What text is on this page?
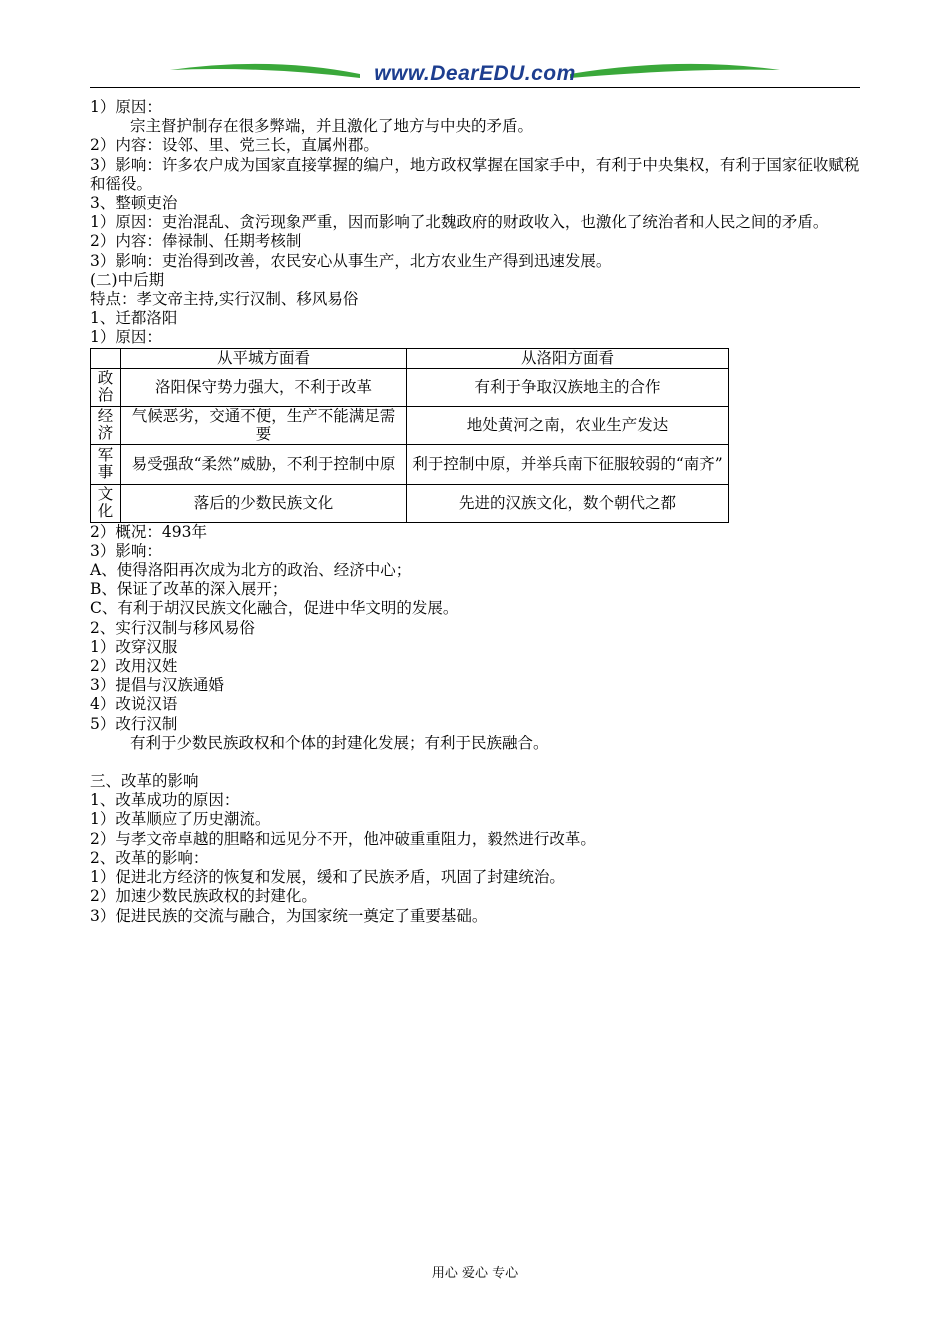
www.DearEDU.com
1）原因：
宗主督护制存在很多弊端，并且激化了地方与中央的矛盾。
2）内容：设邻、里、党三长，直属州郡。
3）影响：许多农户成为国家直接掌握的编户，地方政权掌握在国家手中，有利于中央集权，有利于国家征收赋税和徭役。
3、整顿吏治
1）原因：吏治混乱、贪污现象严重，因而影响了北魏政府的财政收入，也激化了统治者和人民之间的矛盾。
2）内容：俸禄制、任期考核制
3）影响：吏治得到改善，农民安心从事生产，北方农业生产得到迅速发展。
(二)中后期
特点：孝文帝主持,实行汉制、移风易俗
1、迁都洛阳
1）原因：
	从平城方面看	从洛阳方面看
政治	洛阳保守势力强大，不利于改革	有利于争取汉族地主的合作
经济	气候恶劣，交通不便，生产不能满足需要	地处黄河之南，农业生产发达
军事	易受强敌“柔然”威胁，不利于控制中原	利于控制中原，并举兵南下征服较弱的“南齐”
文化	落后的少数民族文化	先进的汉族文化，数个朝代之都
2）概况：493年
3）影响：
A、使得洛阳再次成为北方的政治、经济中心；
B、保证了改革的深入展开；
C、有利于胡汉民族文化融合，促进中华文明的发展。
2、实行汉制与移风易俗
1）改穿汉服
2）改用汉姓
3）提倡与汉族通婚
4）改说汉语
5）改行汉制
有利于少数民族政权和个体的封建化发展；有利于民族融合。
三、改革的影响
1、改革成功的原因：
1）改革顺应了历史潮流。
2）与孝文帝卓越的胆略和远见分不开，他冲破重重阻力，毅然进行改革。
2、改革的影响：
1）促进北方经济的恢复和发展，缓和了民族矛盾，巩固了封建统治。
2）加速少数民族政权的封建化。
3）促进民族的交流与融合，为国家统一奠定了重要基础。
用心 爱心 专心
